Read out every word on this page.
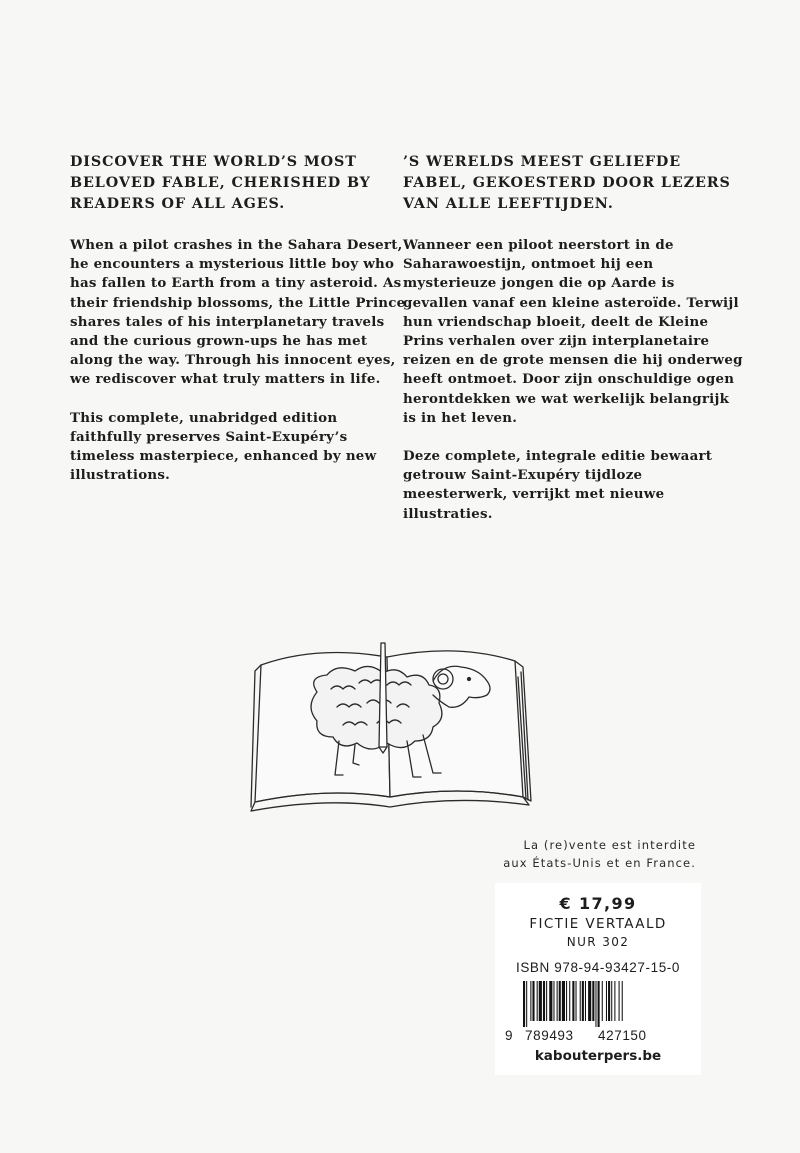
DISCOVER THE WORLD’S MOST BELOVED FABLE, CHERISHED BY READERS OF ALL AGES.

When a pilot crashes in the Sahara Desert, he encounters a mysterious little boy who has fallen to Earth from a tiny asteroid. As their friendship blossoms, the Little Prince shares tales of his interplanetary travels and the curious grown-ups he has met along the way. Through his innocent eyes, we rediscover what truly matters in life.

This complete, unabridged edition faithfully preserves Saint-Exupéry’s timeless masterpiece, enhanced by new illustrations.

’S WERELDS MEEST GELIEFDE FABEL, GEKOESTERD DOOR LEZERS VAN ALLE LEEFTIJDEN.

Wanneer een piloot neerstort in de Saharawoestijn, ontmoet hij een mysterieuze jongen die op Aarde is gevallen vanaf een kleine asteroïde. Terwijl hun vriendschap bloeit, deelt de Kleine Prins verhalen over zijn interplanetaire reizen en de grote mensen die hij onderweg heeft ontmoet. Door zijn onschuldige ogen herontdekken we wat werkelijk belangrijk is in het leven.

Deze complete, integrale editie bewaart getrouw Saint-Exupéry tijdloze meesterwerk, verrijkt met nieuwe illustraties.

La (re)vente est interdite
aux États-Unis et en France.
€ 17,99
FICTIE VERTAALD
NUR 302
ISBN 978-94-93427-15-0
9 789493 427150
kabouterpers.be
